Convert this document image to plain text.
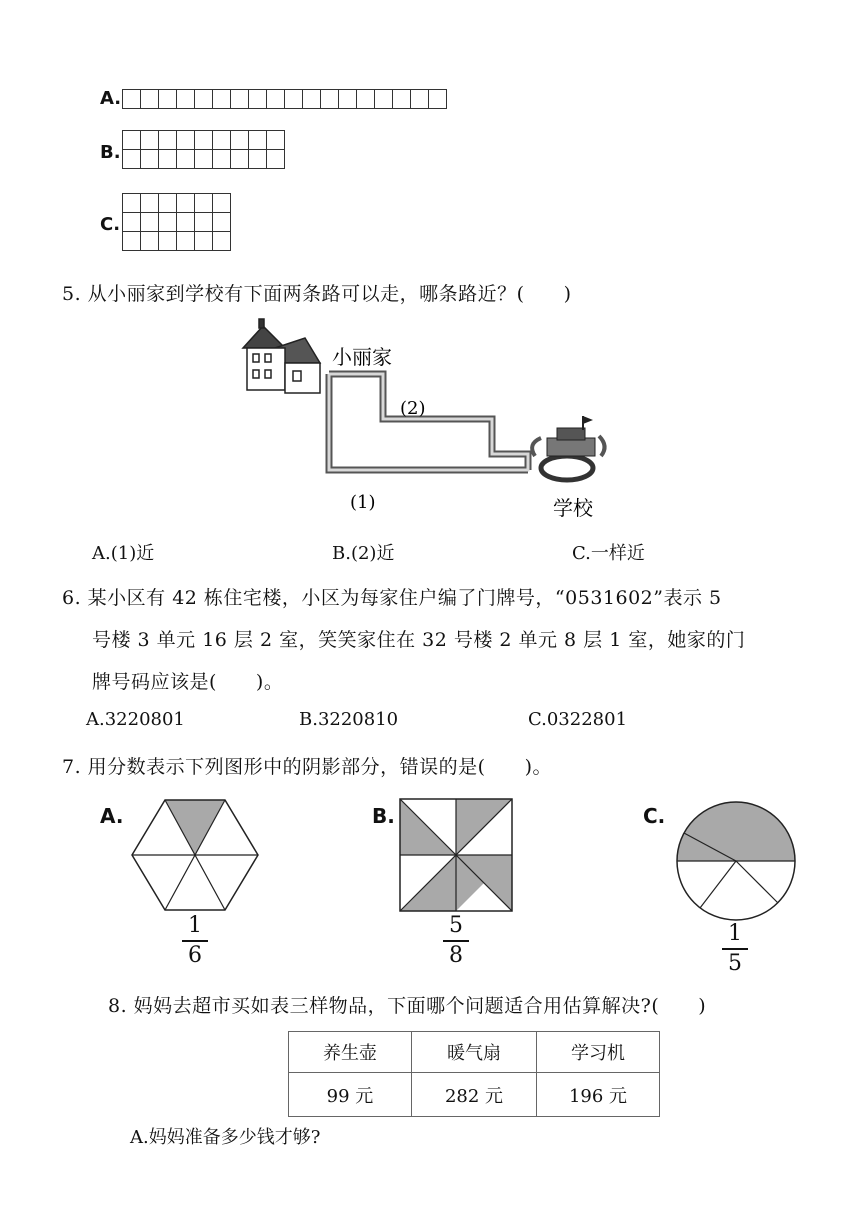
A.

B.

C.

5. 从小丽家到学校有下面两条路可以走，哪条路近？(　　)
小丽家
(2)
(1)	学校
A.(1)近	B.(2)近	C.一样近
6. 某小区有 42 栋住宅楼，小区为每家住户编了门牌号，“0531602”表示 5
号楼 3 单元 16 层 2 室，笑笑家住在 32 号楼 2 单元 8 层 1 室，她家的门
牌号码应该是(　　)。
A.3220801	B.3220810	C.0322801
7. 用分数表示下列图形中的阴影部分，错误的是(　　)。
A.
1
6
B.
5
8
C.
1
5
8. 妈妈去超市买如表三样物品，下面哪个问题适合用估算解决?(　　)
养生壶	暖气扇	学习机
99 元	282 元	196 元
A.妈妈准备多少钱才够?
